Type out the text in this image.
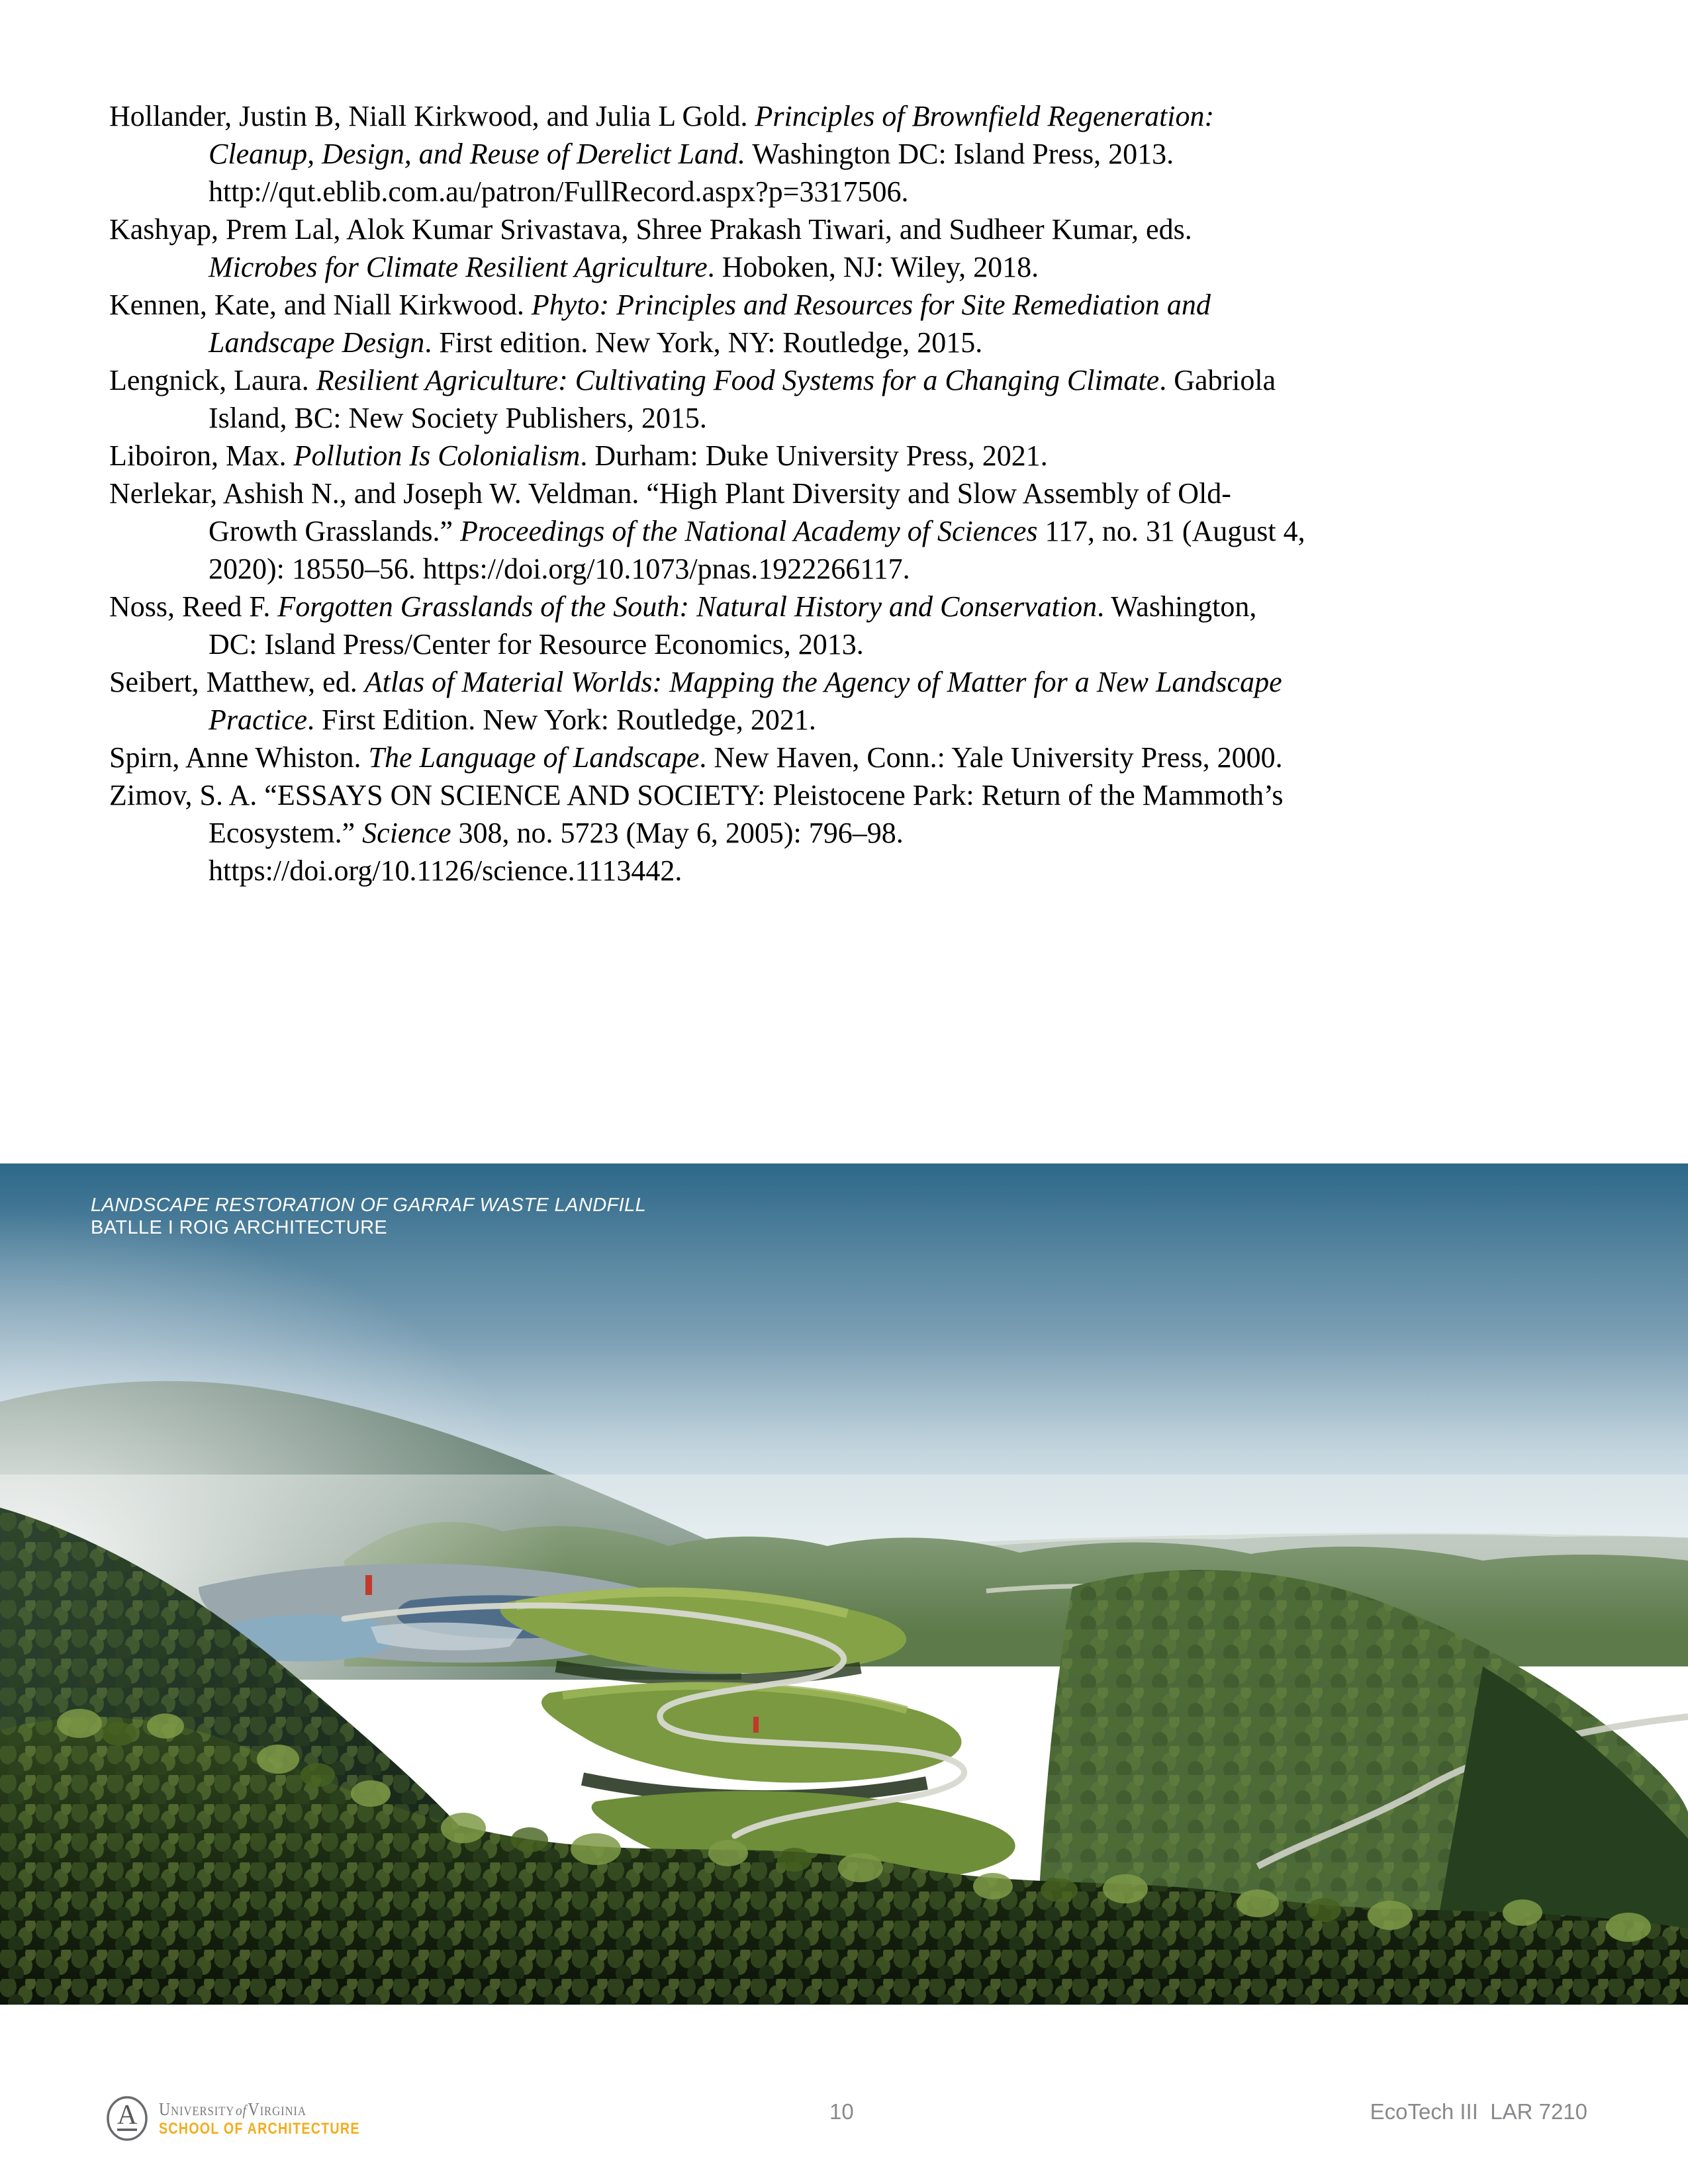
Hollander, Justin B, Niall Kirkwood, and Julia L Gold. Principles of Brownfield Regeneration: Cleanup, Design, and Reuse of Derelict Land. Washington DC: Island Press, 2013. http://qut.eblib.com.au/patron/FullRecord.aspx?p=3317506.

Kashyap, Prem Lal, Alok Kumar Srivastava, Shree Prakash Tiwari, and Sudheer Kumar, eds. Microbes for Climate Resilient Agriculture. Hoboken, NJ: Wiley, 2018.

Kennen, Kate, and Niall Kirkwood. Phyto: Principles and Resources for Site Remediation and Landscape Design. First edition. New York, NY: Routledge, 2015.

Lengnick, Laura. Resilient Agriculture: Cultivating Food Systems for a Changing Climate. Gabriola Island, BC: New Society Publishers, 2015.

Liboiron, Max. Pollution Is Colonialism. Durham: Duke University Press, 2021.

Nerlekar, Ashish N., and Joseph W. Veldman. “High Plant Diversity and Slow Assembly of Old-Growth Grasslands.” Proceedings of the National Academy of Sciences 117, no. 31 (August 4, 2020): 18550–56. https://doi.org/10.1073/pnas.1922266117.

Noss, Reed F. Forgotten Grasslands of the South: Natural History and Conservation. Washington, DC: Island Press/Center for Resource Economics, 2013.

Seibert, Matthew, ed. Atlas of Material Worlds: Mapping the Agency of Matter for a New Landscape Practice. First Edition. New York: Routledge, 2021.

Spirn, Anne Whiston. The Language of Landscape. New Haven, Conn.: Yale University Press, 2000.

Zimov, S. A. “ESSAYS ON SCIENCE AND SOCIETY: Pleistocene Park: Return of the Mammoth’s Ecosystem.” Science 308, no. 5723 (May 6, 2005): 796–98. https://doi.org/10.1126/science.1113442.

LANDSCAPE RESTORATION OF GARRAF WASTE LANDFILL
BATLLE I ROIG ARCHITECTURE
A UniversityofVirginia
SCHOOL OF ARCHITECTURE
10	EcoTech III  LAR 7210
